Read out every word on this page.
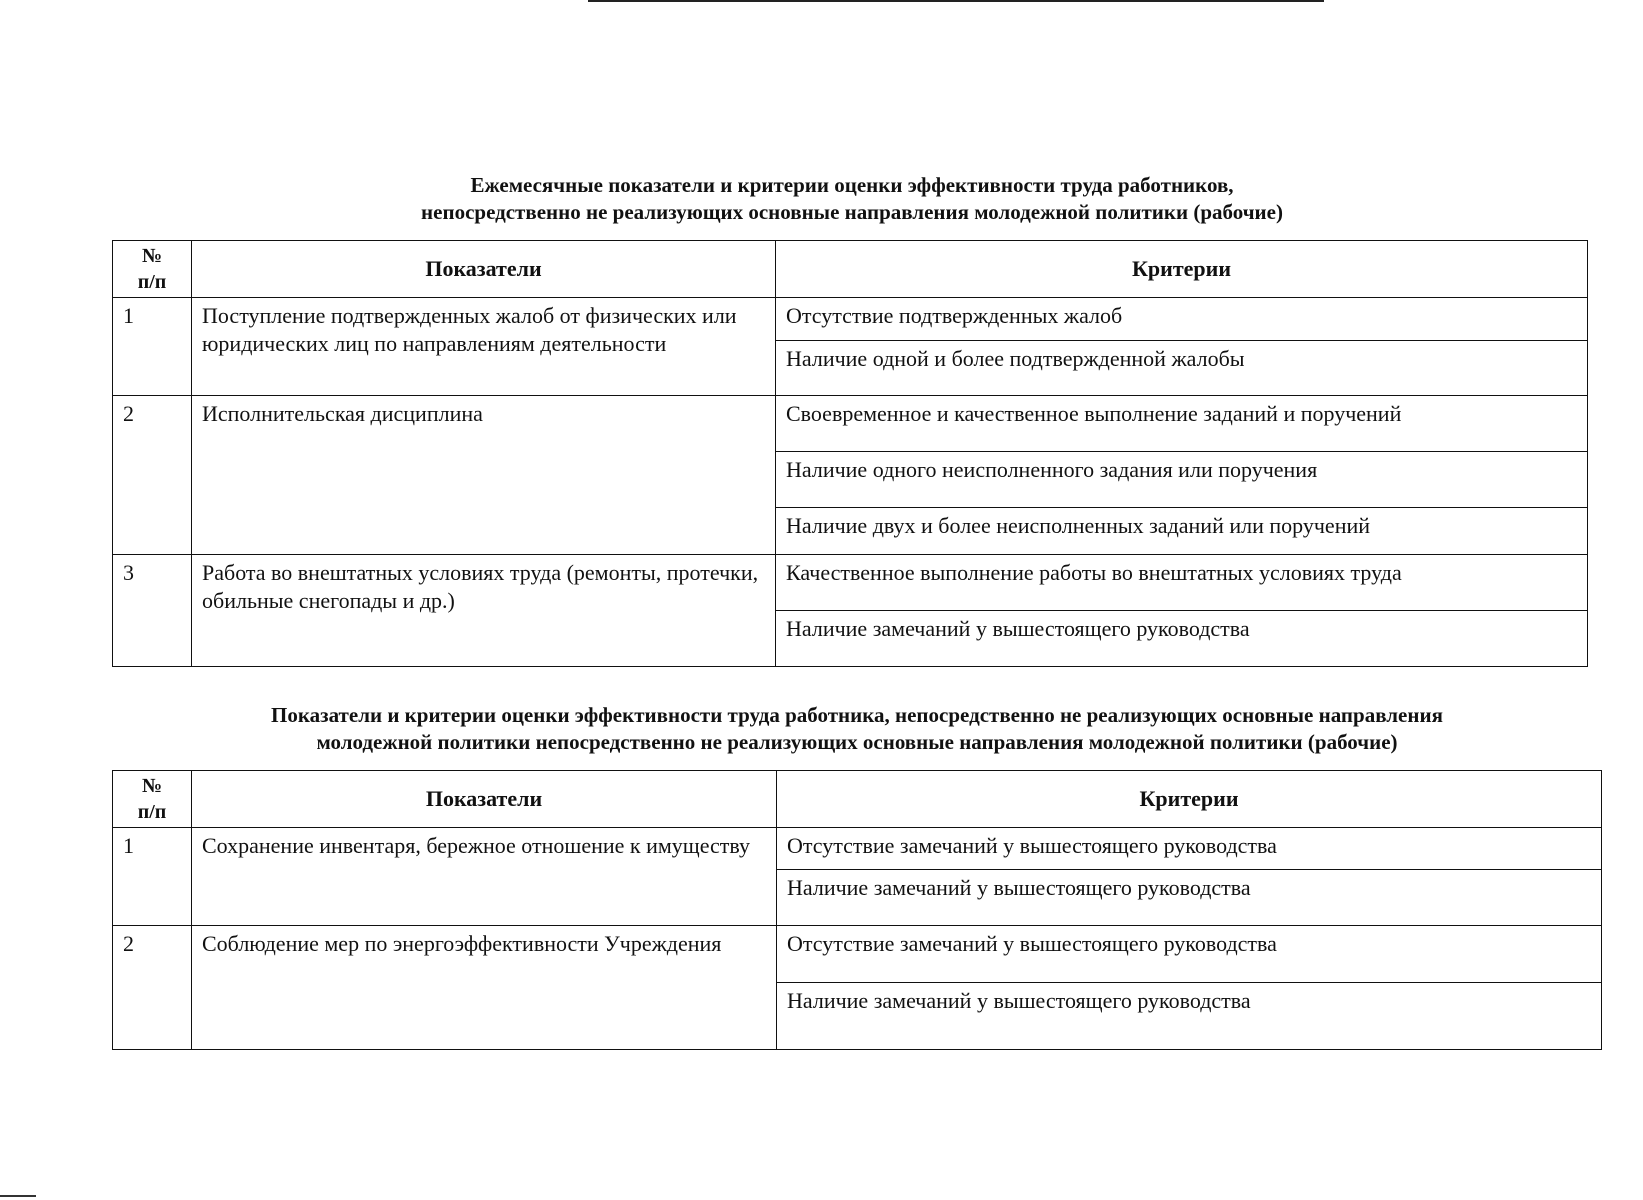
Ежемесячные показатели и критерии оценки эффективности труда работников,
непосредственно не реализующих основные направления молодежной политики (рабочие)
№
п/п	Показатели	Критерии
1	Поступление подтвержденных жалоб от физических или юридических лиц по направлениям деятельности	Отсутствие подтвержденных жалоб
		Наличие одной и более подтвержденной жалобы
2	Исполнительская дисциплина	Своевременное и качественное выполнение заданий и поручений
		Наличие одного неисполненного задания или поручения
		Наличие двух и более неисполненных заданий или поручений
3	Работа во внештатных условиях труда (ремонты, протечки, обильные снегопады и др.)	Качественное выполнение работы во внештатных условиях труда
		Наличие замечаний у вышестоящего руководства
Показатели и критерии оценки эффективности труда работника, непосредственно не реализующих основные направления
молодежной политики непосредственно не реализующих основные направления молодежной политики (рабочие)
№
п/п	Показатели	Критерии
1	Сохранение инвентаря, бережное отношение к имуществу	Отсутствие замечаний у вышестоящего руководства
		Наличие замечаний у вышестоящего руководства
2	Соблюдение мер по энергоэффективности Учреждения	Отсутствие замечаний у вышестоящего руководства
		Наличие замечаний у вышестоящего руководства
